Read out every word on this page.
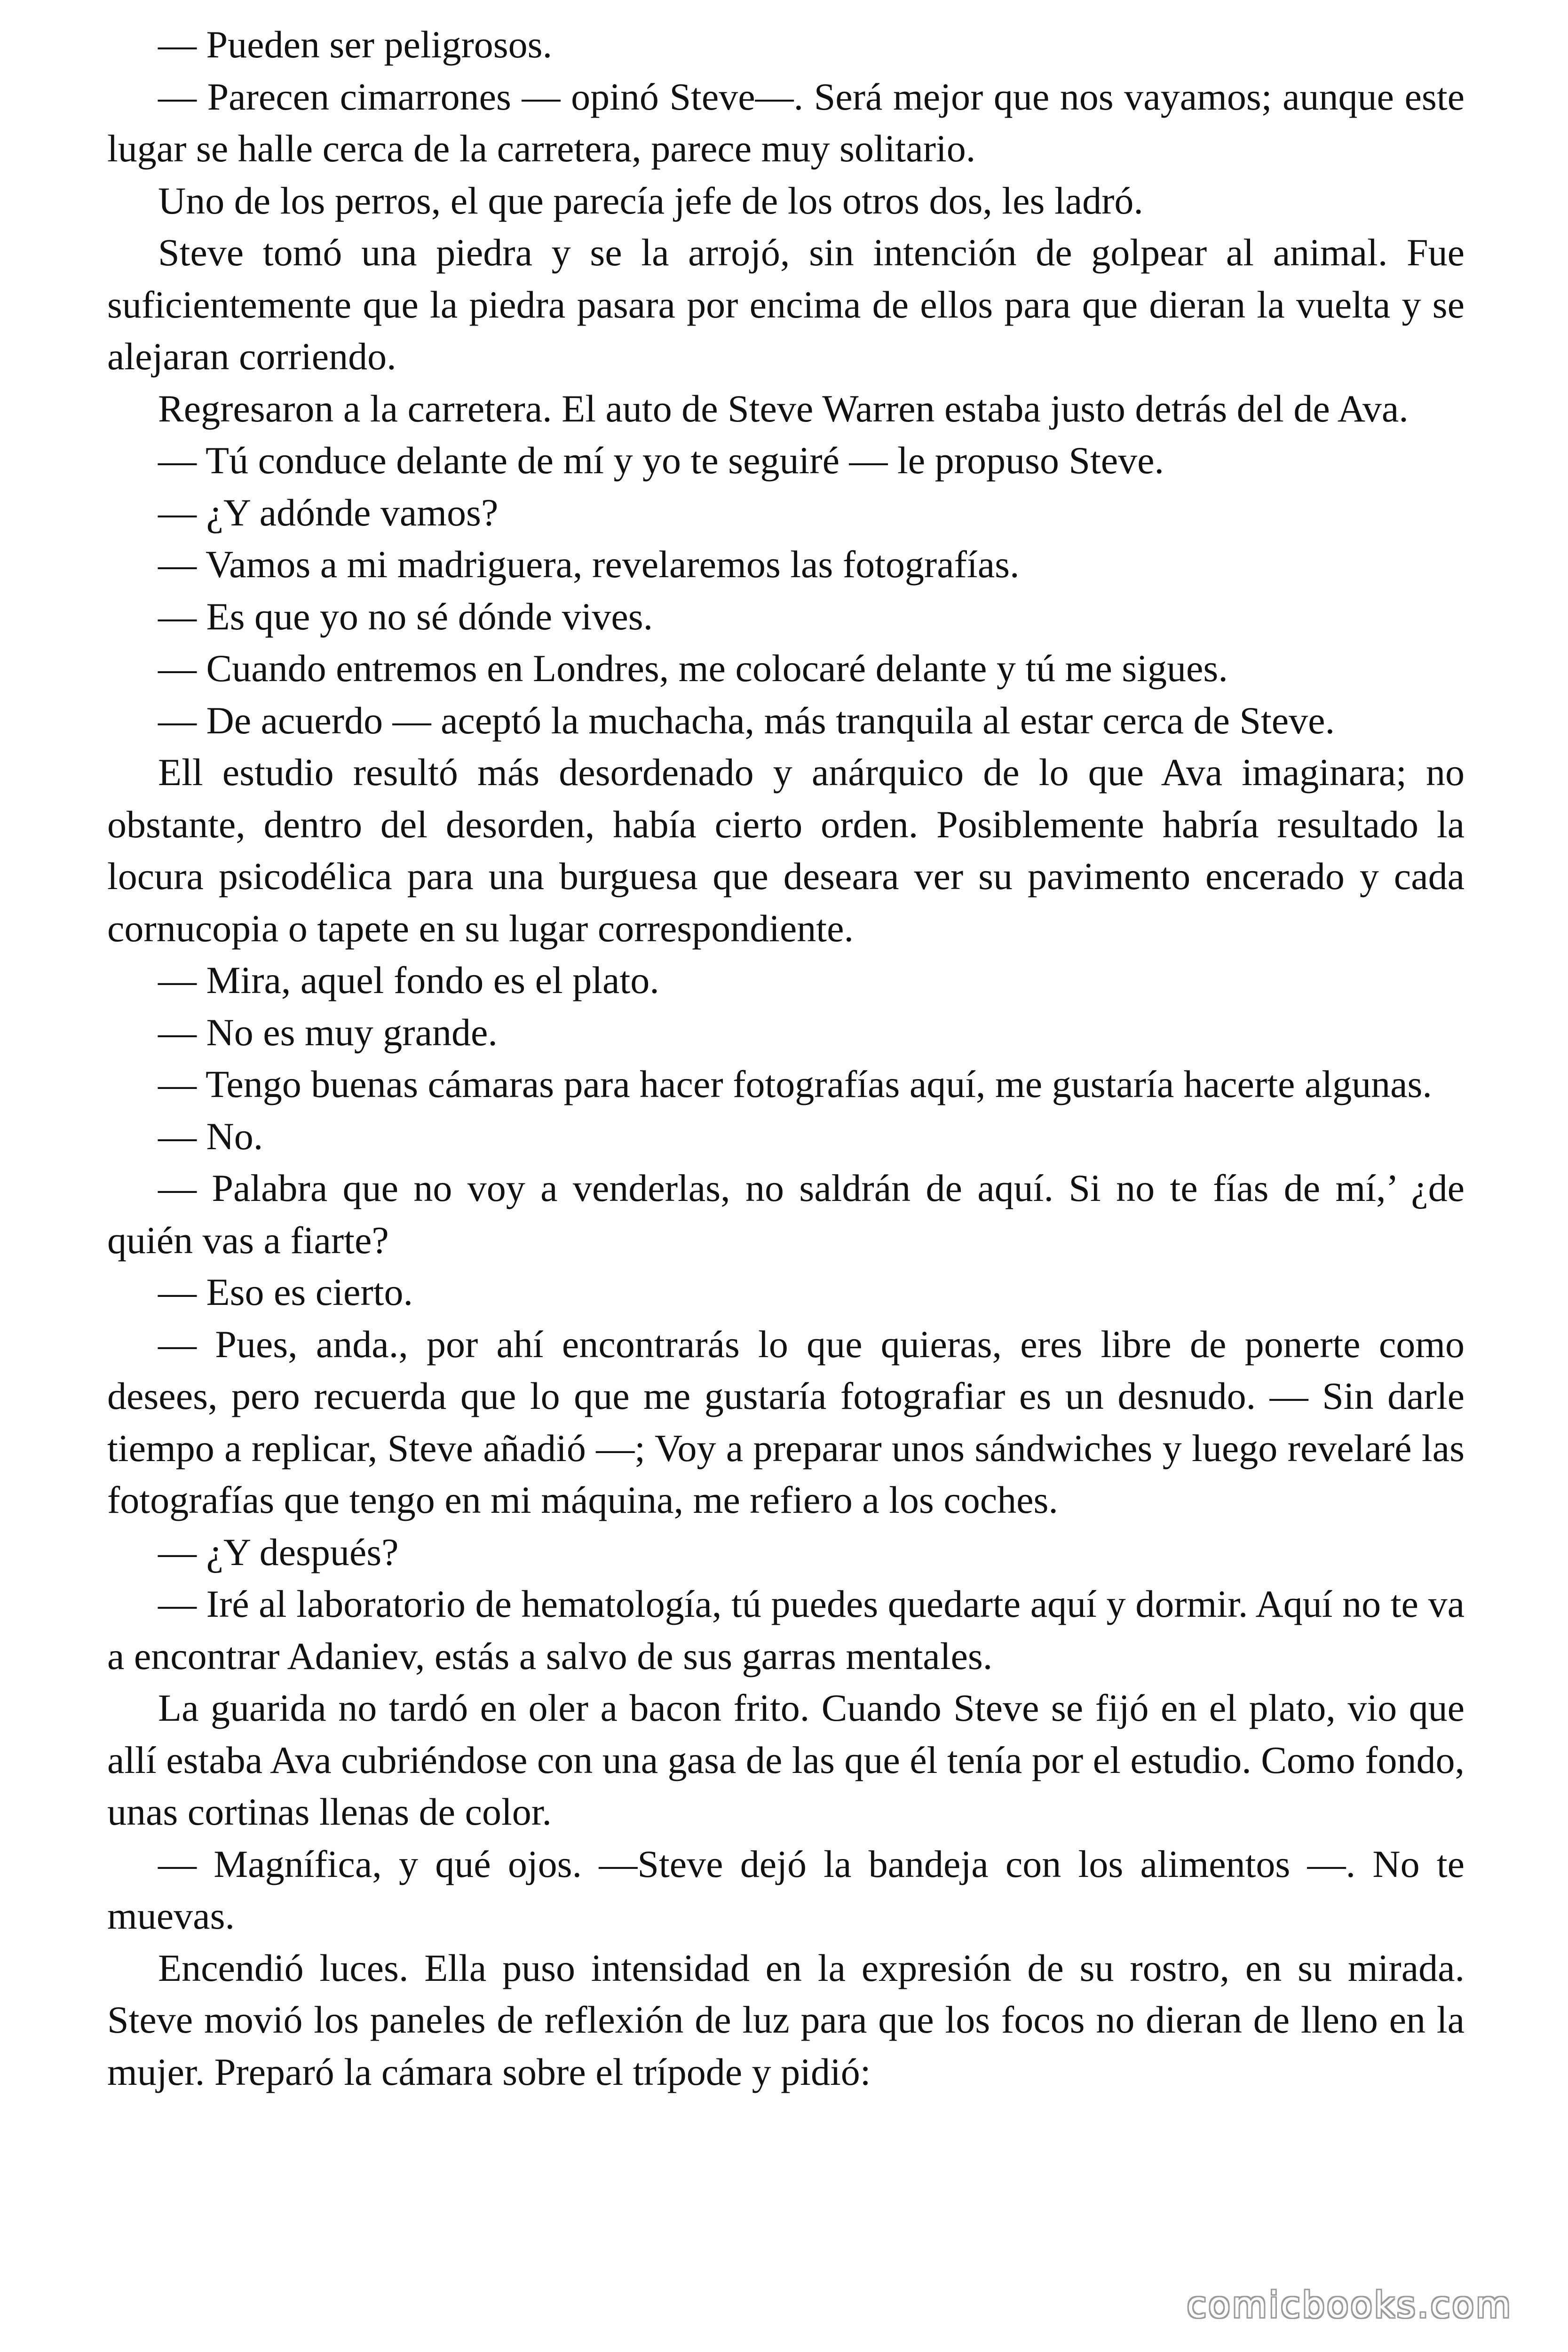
— Pueden ser peligrosos.

— Parecen cimarrones — opinó Steve—. Será mejor que nos vayamos; aunque este lugar se halle cerca de la carretera, parece muy solitario.

Uno de los perros, el que parecía jefe de los otros dos, les ladró.

Steve tomó una piedra y se la arrojó, sin intención de golpear al animal. Fue suficientemente que la piedra pasara por encima de ellos para que dieran la vuelta y se alejaran corriendo.

Regresaron a la carretera. El auto de Steve Warren estaba justo detrás del de Ava.

— Tú conduce delante de mí y yo te seguiré — le propuso Steve.

— ¿Y adónde vamos?

— Vamos a mi madriguera, revelaremos las fotografías.

— Es que yo no sé dónde vives.

— Cuando entremos en Londres, me colocaré delante y tú me sigues.

— De acuerdo — aceptó la muchacha, más tranquila al estar cerca de Steve.

Ell estudio resultó más desordenado y anárquico de lo que Ava imaginara; no obstante, dentro del desorden, había cierto orden. Posiblemente habría resultado la locura psicodélica para una burguesa que deseara ver su pavimento encerado y cada cornucopia o tapete en su lugar correspondiente.

— Mira, aquel fondo es el plato.

— No es muy grande.

— Tengo buenas cámaras para hacer fotografías aquí, me gustaría hacerte algunas.

— No.

— Palabra que no voy a venderlas, no saldrán de aquí. Si no te fías de mí,’ ¿de quién vas a fiarte?

— Eso es cierto.

— Pues, anda., por ahí encontrarás lo que quieras, eres libre de ponerte como desees, pero recuerda que lo que me gustaría fotografiar es un desnudo. — Sin darle tiempo a replicar, Steve añadió —; Voy a preparar unos sándwiches y luego revelaré las fotografías que tengo en mi máquina, me refiero a los coches.

— ¿Y después?

— Iré al laboratorio de hematología, tú puedes quedarte aquí y dormir. Aquí no te va a encontrar Adaniev, estás a salvo de sus garras mentales.

La guarida no tardó en oler a bacon frito. Cuando Steve se fijó en el plato, vio que allí estaba Ava cubriéndose con una gasa de las que él tenía por el estudio. Como fondo, unas cortinas llenas de color.

— Magnífica, y qué ojos. —Steve dejó la bandeja con los alimentos —. No te muevas.

Encendió luces. Ella puso intensidad en la expresión de su rostro, en su mirada. Steve movió los paneles de reflexión de luz para que los focos no dieran de lleno en la mujer. Preparó la cámara sobre el trípode y pidió:

comicbooks.com
